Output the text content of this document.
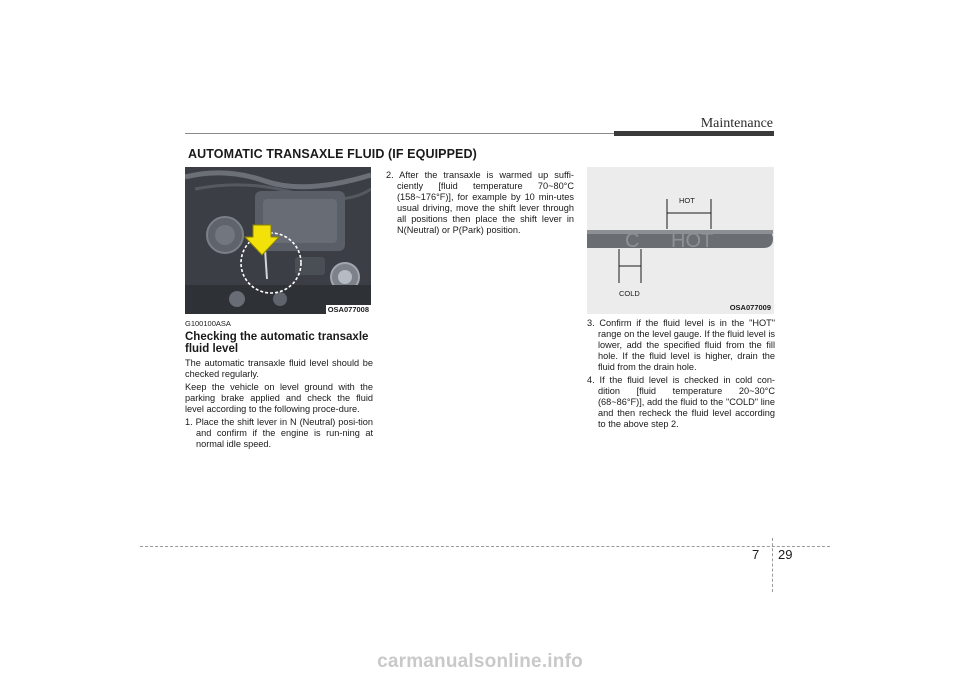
Maintenance
AUTOMATIC TRANSAXLE FLUID (IF EQUIPPED)
OSA077008
C HOT
HOT
COLD
OSA077009
G100100ASA
Checking the automatic transaxle fluid level

The automatic transaxle fluid level should be checked regularly.

Keep the vehicle on level ground with the parking brake applied and check the fluid level according to the following proce-dure.

1. Place the shift lever in N (Neutral) posi-tion and confirm if the engine is run-ning at normal idle speed.

2. After the transaxle is warmed up suffi-ciently [fluid temperature 70~80°C (158~176°F)], for example by 10 min-utes usual driving, move the shift lever through all positions then place the shift lever in N(Neutral) or P(Park) position.

3. Confirm if the fluid level is in the "HOT" range on the level gauge. If the fluid level is lower, add the specified fluid from the fill hole. If the fluid level is higher, drain the fluid from the drain hole.

4. If the fluid level is checked in cold con-dition [fluid temperature 20~30°C (68~86°F)], add the fluid to the "COLD" line and then recheck the fluid level according to the above step 2.

7 29
carmanualsonline.info
